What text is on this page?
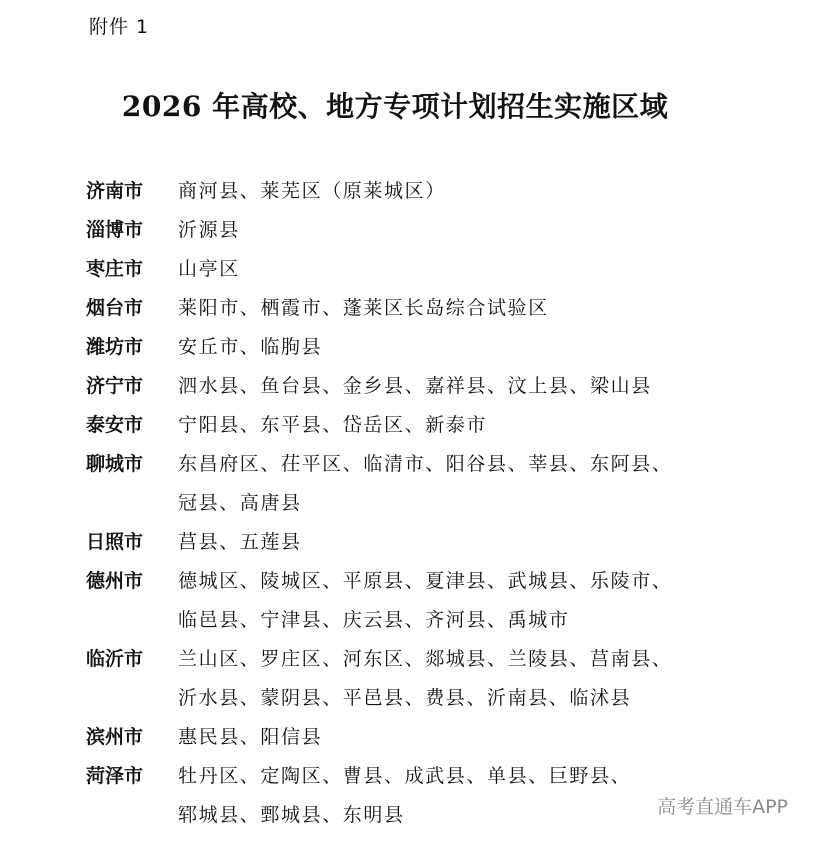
附件 1
2026 年高校、地方专项计划招生实施区域
济南市	商河县、莱芜区（原莱城区）
淄博市	沂源县
枣庄市	山亭区
烟台市	莱阳市、栖霞市、蓬莱区长岛综合试验区
潍坊市	安丘市、临朐县
济宁市	泗水县、鱼台县、金乡县、嘉祥县、汶上县、梁山县
泰安市	宁阳县、东平县、岱岳区、新泰市
聊城市	东昌府区、茌平区、临清市、阳谷县、莘县、东阿县、
冠县、高唐县
日照市	莒县、五莲县
德州市	德城区、陵城区、平原县、夏津县、武城县、乐陵市、
临邑县、宁津县、庆云县、齐河县、禹城市
临沂市	兰山区、罗庄区、河东区、郯城县、兰陵县、莒南县、
沂水县、蒙阴县、平邑县、费县、沂南县、临沭县
滨州市	惠民县、阳信县
菏泽市	牡丹区、定陶区、曹县、成武县、单县、巨野县、
郓城县、鄄城县、东明县	高考直通车APP
